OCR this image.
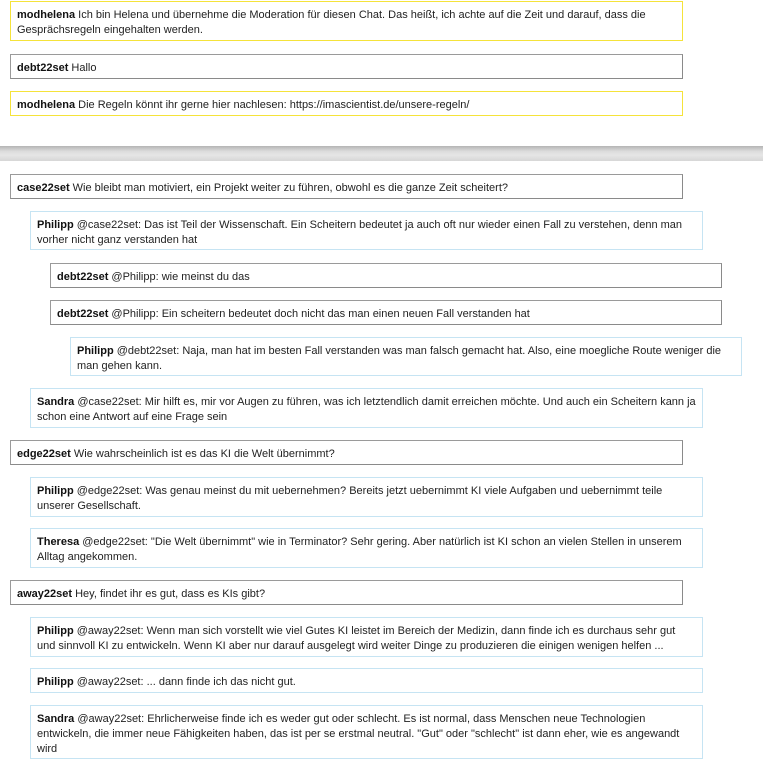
modhelena Ich bin Helena und übernehme die Moderation für diesen Chat. Das heißt, ich achte auf die Zeit und darauf, dass die Gesprächsregeln eingehalten werden.
debt22set Hallo
modhelena Die Regeln könnt ihr gerne hier nachlesen: https://imascientist.de/unsere-regeln/
case22set Wie bleibt man motiviert, ein Projekt weiter zu führen, obwohl es die ganze Zeit scheitert?
Philipp @case22set: Das ist Teil der Wissenschaft. Ein Scheitern bedeutet ja auch oft nur wieder einen Fall zu verstehen, denn man vorher nicht ganz verstanden hat
debt22set @Philipp: wie meinst du das
debt22set @Philipp: Ein scheitern bedeutet doch nicht das man einen neuen Fall verstanden hat
Philipp @debt22set: Naja, man hat im besten Fall verstanden was man falsch gemacht hat. Also, eine moegliche Route weniger die man gehen kann.
Sandra @case22set: Mir hilft es, mir vor Augen zu führen, was ich letztendlich damit erreichen möchte. Und auch ein Scheitern kann ja schon eine Antwort auf eine Frage sein
edge22set Wie wahrscheinlich ist es das KI die Welt übernimmt?
Philipp @edge22set: Was genau meinst du mit uebernehmen? Bereits jetzt uebernimmt KI viele Aufgaben und uebernimmt teile unserer Gesellschaft.
Theresa @edge22set: "Die Welt übernimmt" wie in Terminator? Sehr gering. Aber natürlich ist KI schon an vielen Stellen in unserem Alltag angekommen.
away22set Hey, findet ihr es gut, dass es KIs gibt?
Philipp @away22set: Wenn man sich vorstellt wie viel Gutes KI leistet im Bereich der Medizin, dann finde ich es durchaus sehr gut und sinnvoll KI zu entwickeln. Wenn KI aber nur darauf ausgelegt wird weiter Dinge zu produzieren die einigen wenigen helfen ...
Philipp @away22set: ... dann finde ich das nicht gut.
Sandra @away22set: Ehrlicherweise finde ich es weder gut oder schlecht. Es ist normal, dass Menschen neue Technologien entwickeln, die immer neue Fähigkeiten haben, das ist per se erstmal neutral. "Gut" oder "schlecht" ist dann eher, wie es angewandt wird
